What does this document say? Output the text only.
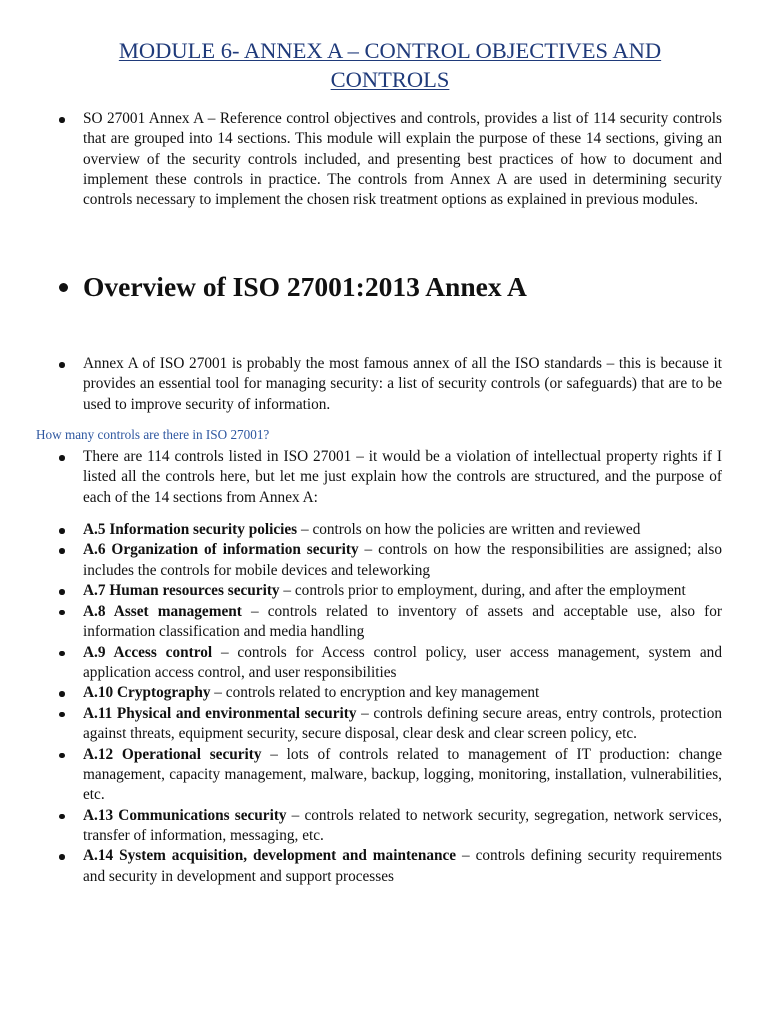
MODULE 6- ANNEX A – CONTROL OBJECTIVES AND
CONTROLS
SO 27001 Annex A – Reference control objectives and controls, provides a list of 114 security controls that are grouped into 14 sections. This module will explain the purpose of these 14 sections, giving an overview of the security controls included, and presenting best practices of how to document and implement these controls in practice. The controls from Annex A are used in determining security controls necessary to implement the chosen risk treatment options as explained in previous modules.
Overview of ISO 27001:2013 Annex A
Annex A of ISO 27001 is probably the most famous annex of all the ISO standards – this is because it provides an essential tool for managing security: a list of security controls (or safeguards) that are to be used to improve security of information.
How many controls are there in ISO 27001?
There are 114 controls listed in ISO 27001 – it would be a violation of intellectual property rights if I listed all the controls here, but let me just explain how the controls are structured, and the purpose of each of the 14 sections from Annex A:
A.5 Information security policies – controls on how the policies are written and reviewed
A.6 Organization of information security – controls on how the responsibilities are assigned; also includes the controls for mobile devices and teleworking
A.7 Human resources security – controls prior to employment, during, and after the employment
A.8 Asset management – controls related to inventory of assets and acceptable use, also for information classification and media handling
A.9 Access control – controls for Access control policy, user access management, system and application access control, and user responsibilities
A.10 Cryptography – controls related to encryption and key management
A.11 Physical and environmental security – controls defining secure areas, entry controls, protection against threats, equipment security, secure disposal, clear desk and clear screen policy, etc.
A.12 Operational security – lots of controls related to management of IT production: change management, capacity management, malware, backup, logging, monitoring, installation, vulnerabilities, etc.
A.13 Communications security – controls related to network security, segregation, network services, transfer of information, messaging, etc.
A.14 System acquisition, development and maintenance – controls defining security requirements and security in development and support processes
